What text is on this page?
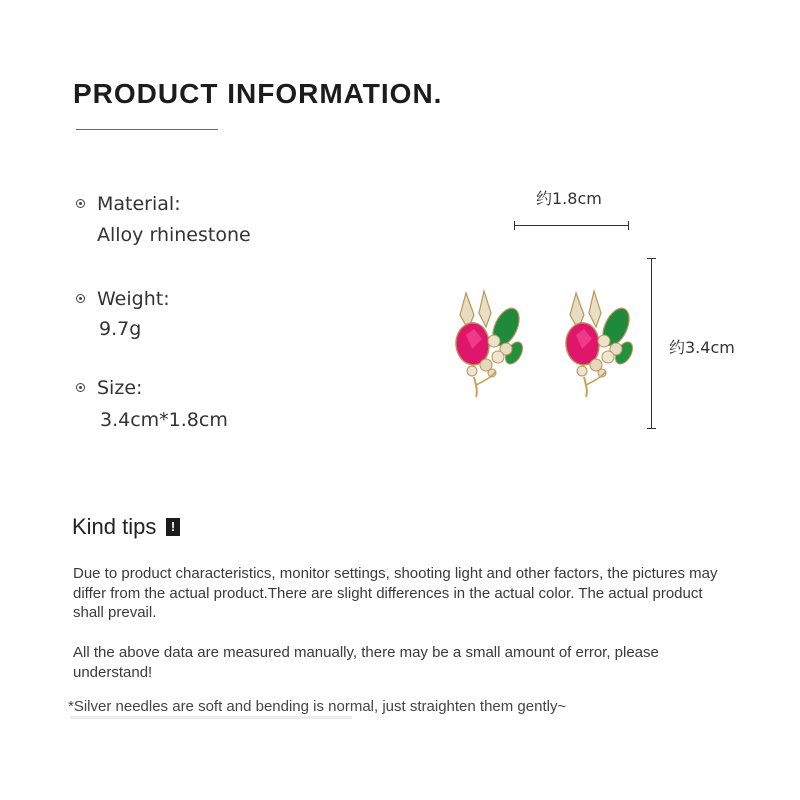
PRODUCT INFORMATION.
Material:
Alloy rhinestone
Weight:
9.7g
Size:
3.4cm*1.8cm
约1.8cm
约3.4cm
Kind tips	!
Due to product characteristics, monitor settings, shooting light and other factors, the pictures may differ from the actual product.There are slight differences in the actual color. The actual product shall prevail.
All the above data are measured manually, there may be a small amount of error, please understand!
*Silver needles are soft and bending is normal, just straighten them gently~
